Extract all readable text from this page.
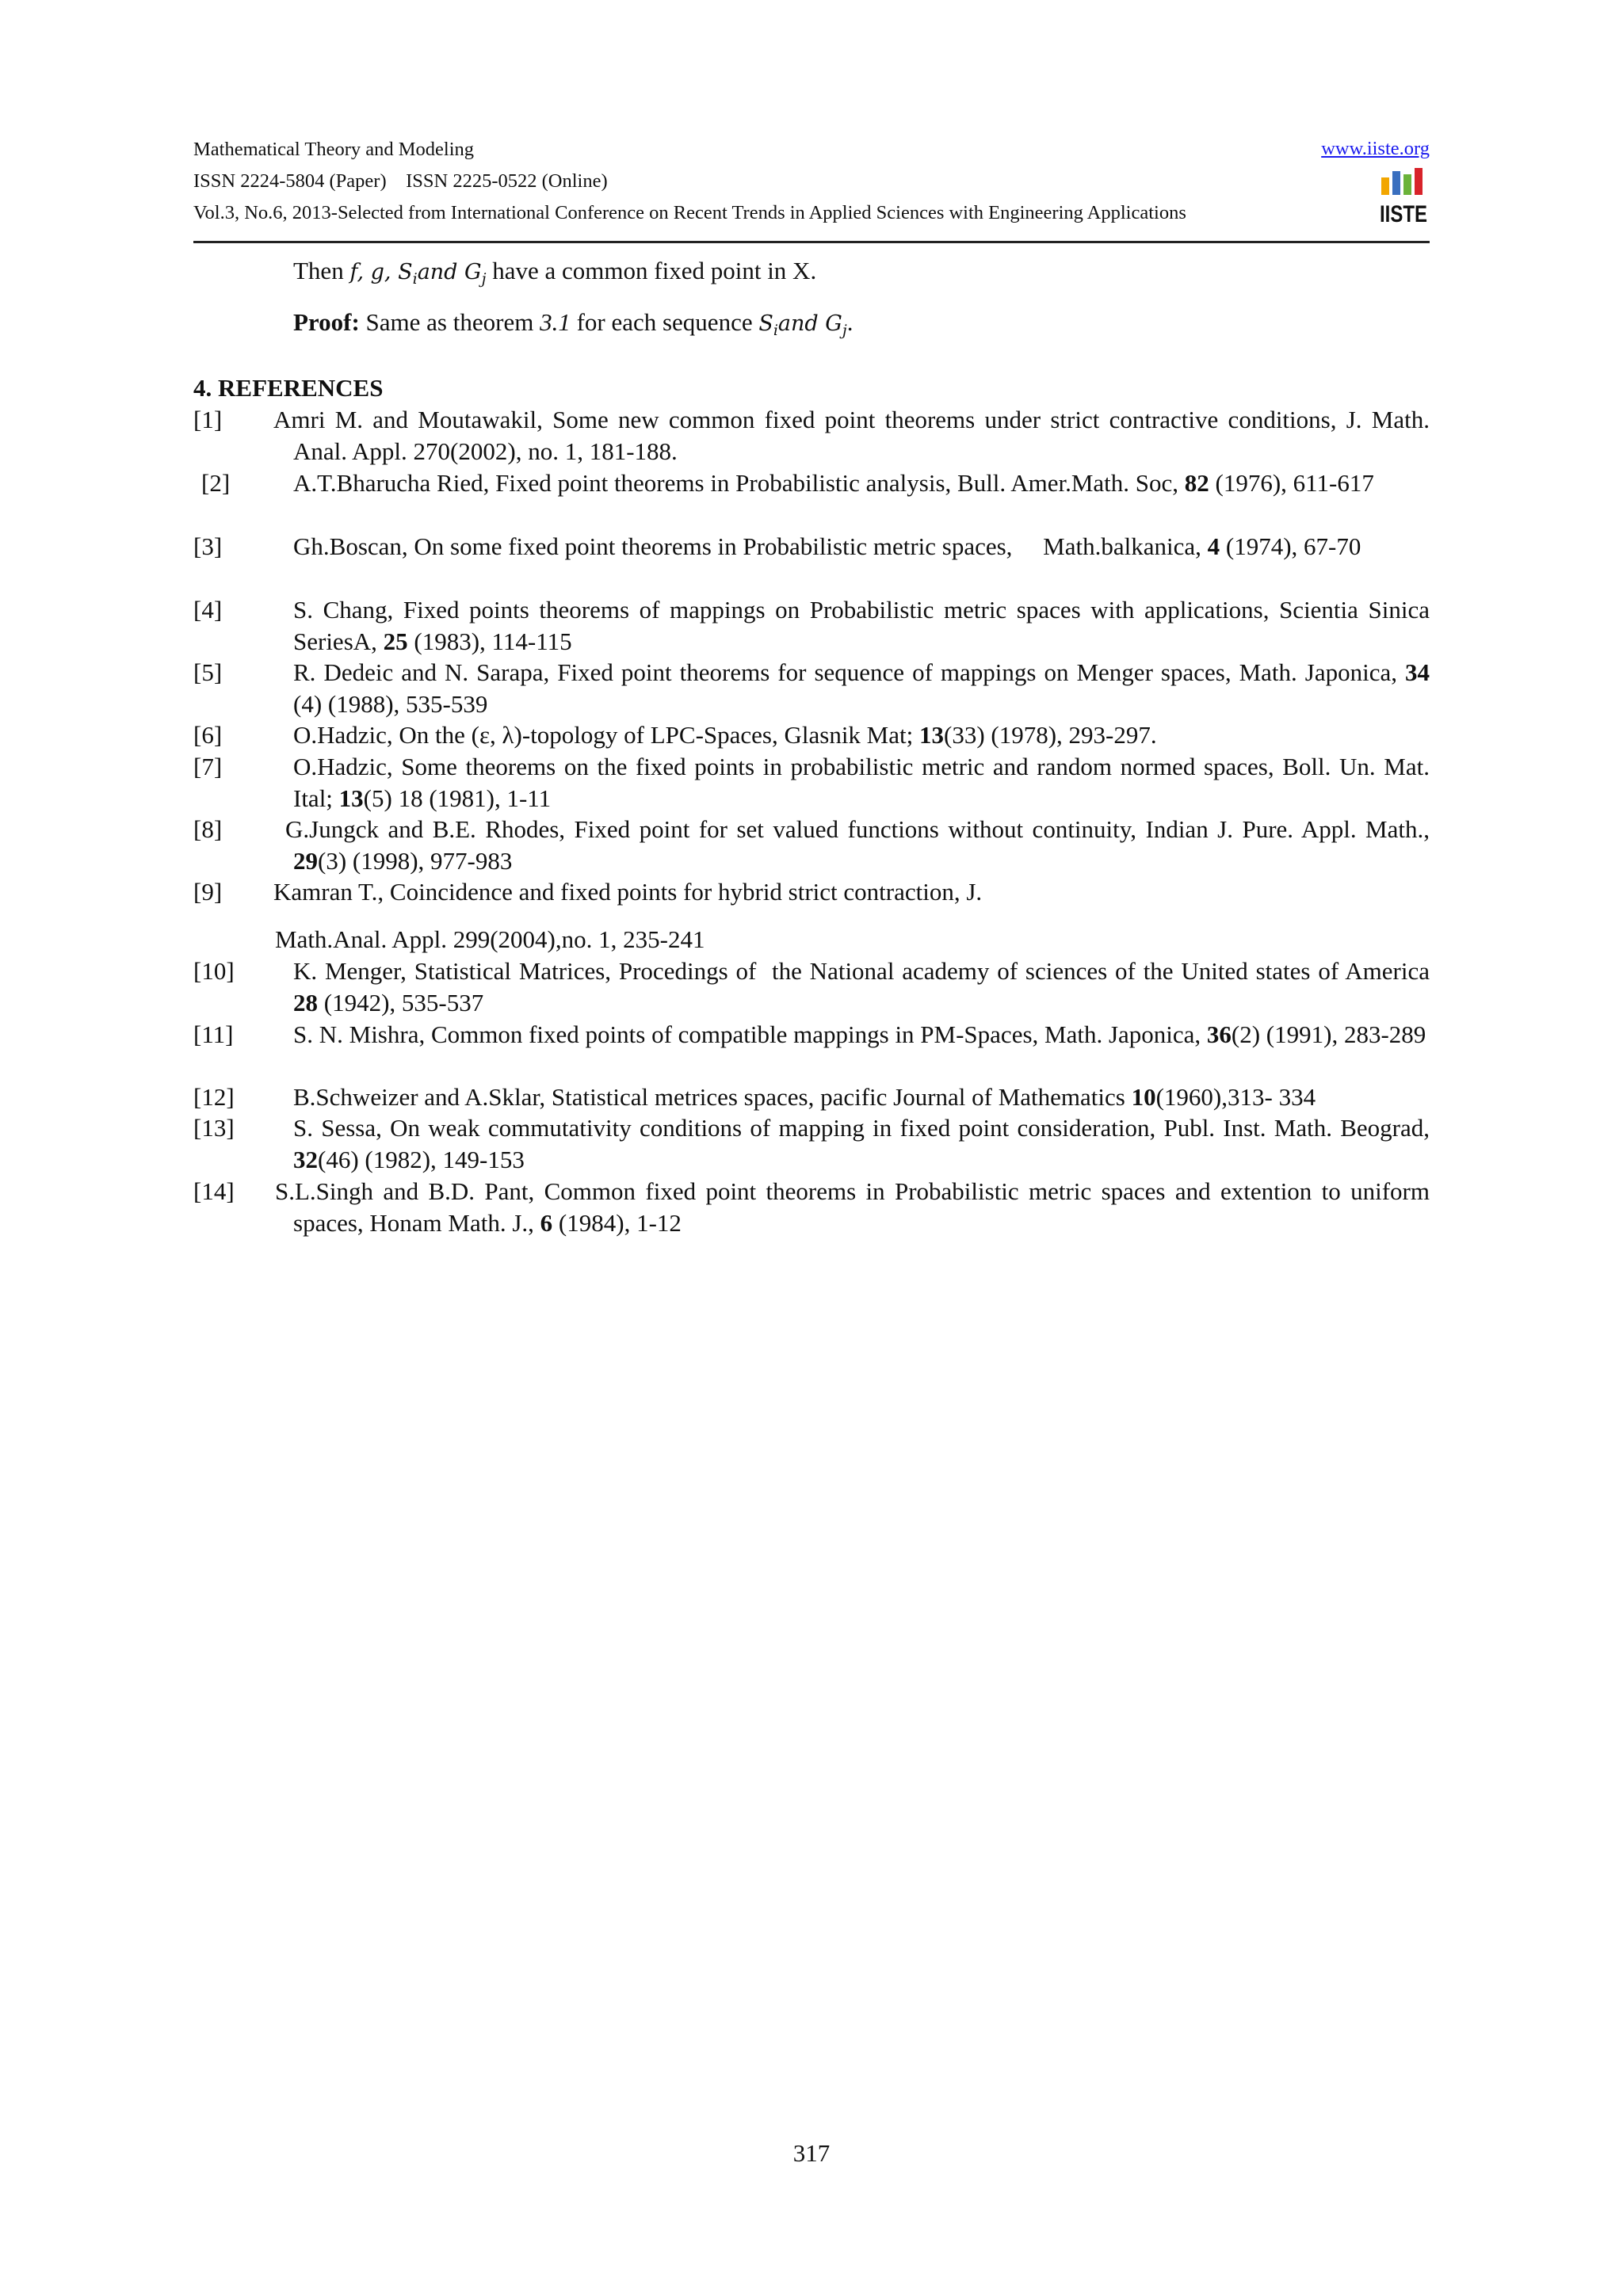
Mathematical Theory and Modeling	www.iiste.org
ISSN 2224-5804 (Paper)    ISSN 2225-0522 (Online)
Vol.3, No.6, 2013-Selected from International Conference on Recent Trends in Applied Sciences with Engineering Applications	IISTE
Then f, g, $S_iand$ $G_j$ have a common fixed point in X.
Proof: Same as theorem 3.1 for each sequence $S_iand$ $G_j$.
4. REFERENCES
[1] Amri M. and Moutawakil, Some new common fixed point theorems under strict contractive conditions, J. Math. Anal. Appl. 270(2002), no. 1, 181-188.
[2]	A.T.Bharucha Ried, Fixed point theorems in Probabilistic analysis, Bull. Amer.Math. Soc, 82 (1976), 611-617
[3]	Gh.Boscan, On some fixed point theorems in Probabilistic metric spaces,     Math.balkanica, 4 (1974), 67-70
[4]	S. Chang, Fixed points theorems of mappings on Probabilistic metric spaces with applications, Scientia Sinica SeriesA, 25 (1983), 114-115
[5]	R. Dedeic and N. Sarapa, Fixed point theorems for sequence of mappings on Menger spaces, Math. Japonica, 34 (4) (1988), 535-539
[6]	O.Hadzic, On the (ε, λ)-topology of LPC-Spaces, Glasnik Mat; 13(33) (1978), 293-297.
[7]	O.Hadzic, Some theorems on the fixed points in probabilistic metric and random normed spaces, Boll. Un. Mat. Ital; 13(5) 18 (1981), 1-11
[8]	G.Jungck and B.E. Rhodes, Fixed point for set valued functions without continuity, Indian J. Pure. Appl. Math., 29(3) (1998), 977-983
[9] Kamran T., Coincidence and fixed points for hybrid strict contraction, J.
Math.Anal. Appl. 299(2004),no. 1, 235-241
[10] K. Menger, Statistical Matrices, Procedings of  the National academy of sciences of the United states of America 28 (1942), 535-537
[11] S. N. Mishra, Common fixed points of compatible mappings in PM-Spaces, Math. Japonica, 36(2) (1991), 283-289
[12] B.Schweizer and A.Sklar, Statistical metrices spaces, pacific Journal of Mathematics 10(1960),313- 334
[13] S. Sessa, On weak commutativity conditions of mapping in fixed point consideration, Publ. Inst. Math. Beograd, 32(46) (1982), 149-153
[14] S.L.Singh and B.D. Pant, Common fixed point theorems in Probabilistic metric spaces and extention to uniform spaces, Honam Math. J., 6 (1984), 1-12
317
